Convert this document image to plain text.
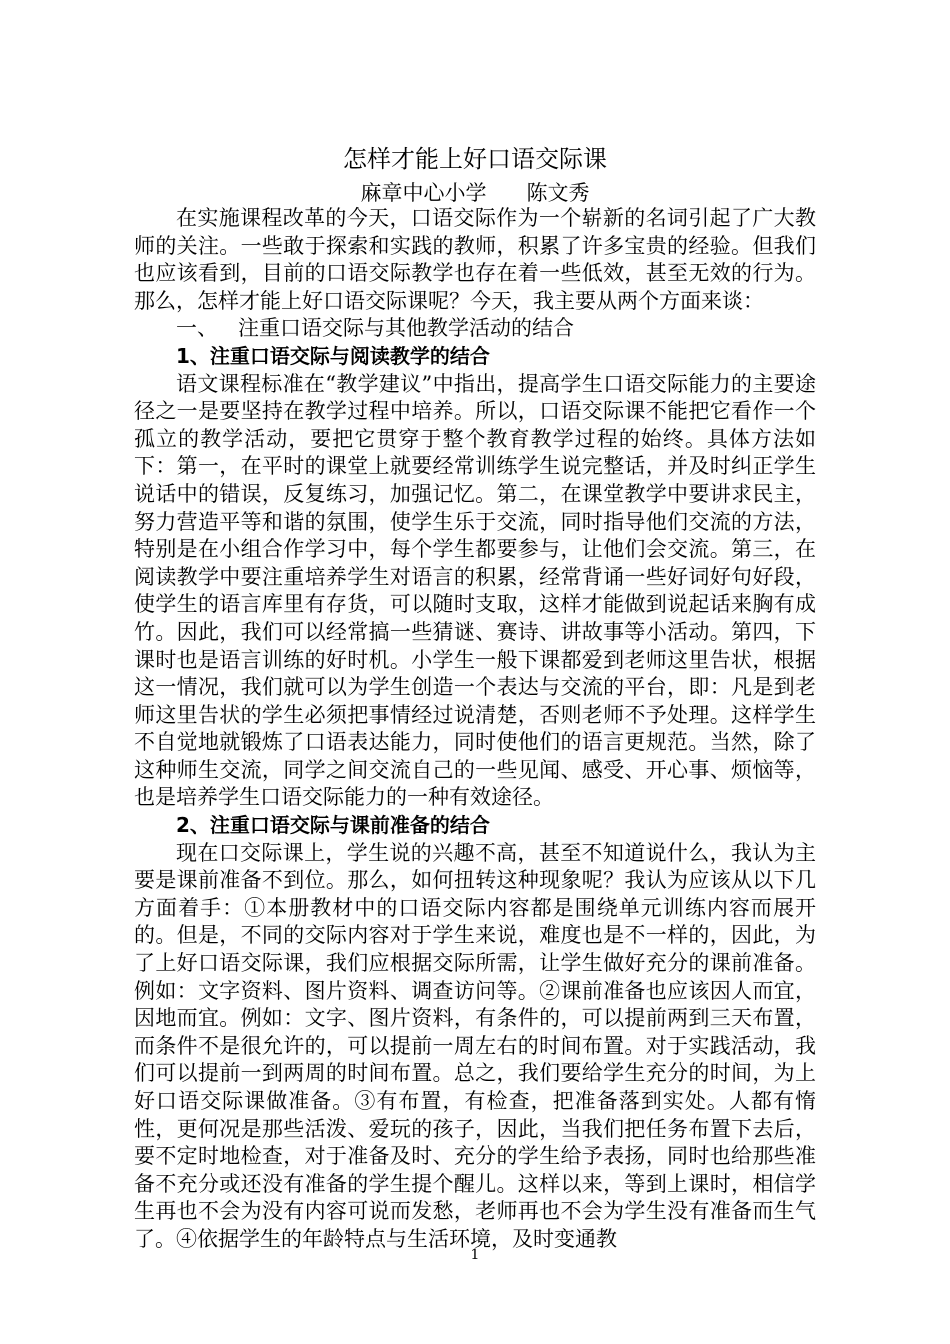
怎样才能上好口语交际课
麻章中心小学      陈文秀

在实施课程改革的今天，口语交际作为一个崭新的名词引起了广大教师的关注。一些敢于探索和实践的教师，积累了许多宝贵的经验。但我们也应该看到，目前的口语交际教学也存在着一些低效，甚至无效的行为。那么，怎样才能上好口语交际课呢？今天，我主要从两个方面来谈：

一、   注重口语交际与其他教学活动的结合

1、注重口语交际与阅读教学的结合

语文课程标准在“教学建议”中指出，提高学生口语交际能力的主要途径之一是要坚持在教学过程中培养。所以，口语交际课不能把它看作一个孤立的教学活动，要把它贯穿于整个教育教学过程的始终。具体方法如下：第一，在平时的课堂上就要经常训练学生说完整话，并及时纠正学生说话中的错误，反复练习，加强记忆。第二，在课堂教学中要讲求民主，努力营造平等和谐的氛围，使学生乐于交流，同时指导他们交流的方法，特别是在小组合作学习中，每个学生都要参与，让他们会交流。第三，在阅读教学中要注重培养学生对语言的积累，经常背诵一些好词好句好段，使学生的语言库里有存货，可以随时支取，这样才能做到说起话来胸有成竹。因此，我们可以经常搞一些猜谜、赛诗、讲故事等小活动。第四，下课时也是语言训练的好时机。小学生一般下课都爱到老师这里告状，根据这一情况，我们就可以为学生创造一个表达与交流的平台，即：凡是到老师这里告状的学生必须把事情经过说清楚，否则老师不予处理。这样学生不自觉地就锻炼了口语表达能力，同时使他们的语言更规范。当然，除了这种师生交流，同学之间交流自己的一些见闻、感受、开心事、烦恼等，也是培养学生口语交际能力的一种有效途径。

2、注重口语交际与课前准备的结合

现在口交际课上，学生说的兴趣不高，甚至不知道说什么，我认为主要是课前准备不到位。那么，如何扭转这种现象呢？我认为应该从以下几方面着手：①本册教材中的口语交际内容都是围绕单元训练内容而展开的。但是，不同的交际内容对于学生来说，难度也是不一样的，因此，为了上好口语交际课，我们应根据交际所需，让学生做好充分的课前准备。例如：文字资料、图片资料、调查访问等。②课前准备也应该因人而宜，因地而宜。例如：文字、图片资料，有条件的，可以提前两到三天布置，而条件不是很允许的，可以提前一周左右的时间布置。对于实践活动，我们可以提前一到两周的时间布置。总之，我们要给学生充分的时间，为上好口语交际课做准备。③有布置，有检查，把准备落到实处。人都有惰性，更何况是那些活泼、爱玩的孩子，因此，当我们把任务布置下去后，要不定时地检查，对于准备及时、充分的学生给予表扬，同时也给那些准备不充分或还没有准备的学生提个醒儿。这样以来，等到上课时，相信学生再也不会为没有内容可说而发愁，老师再也不会为学生没有准备而生气了。④依据学生的年龄特点与生活环境，及时变通教

1
